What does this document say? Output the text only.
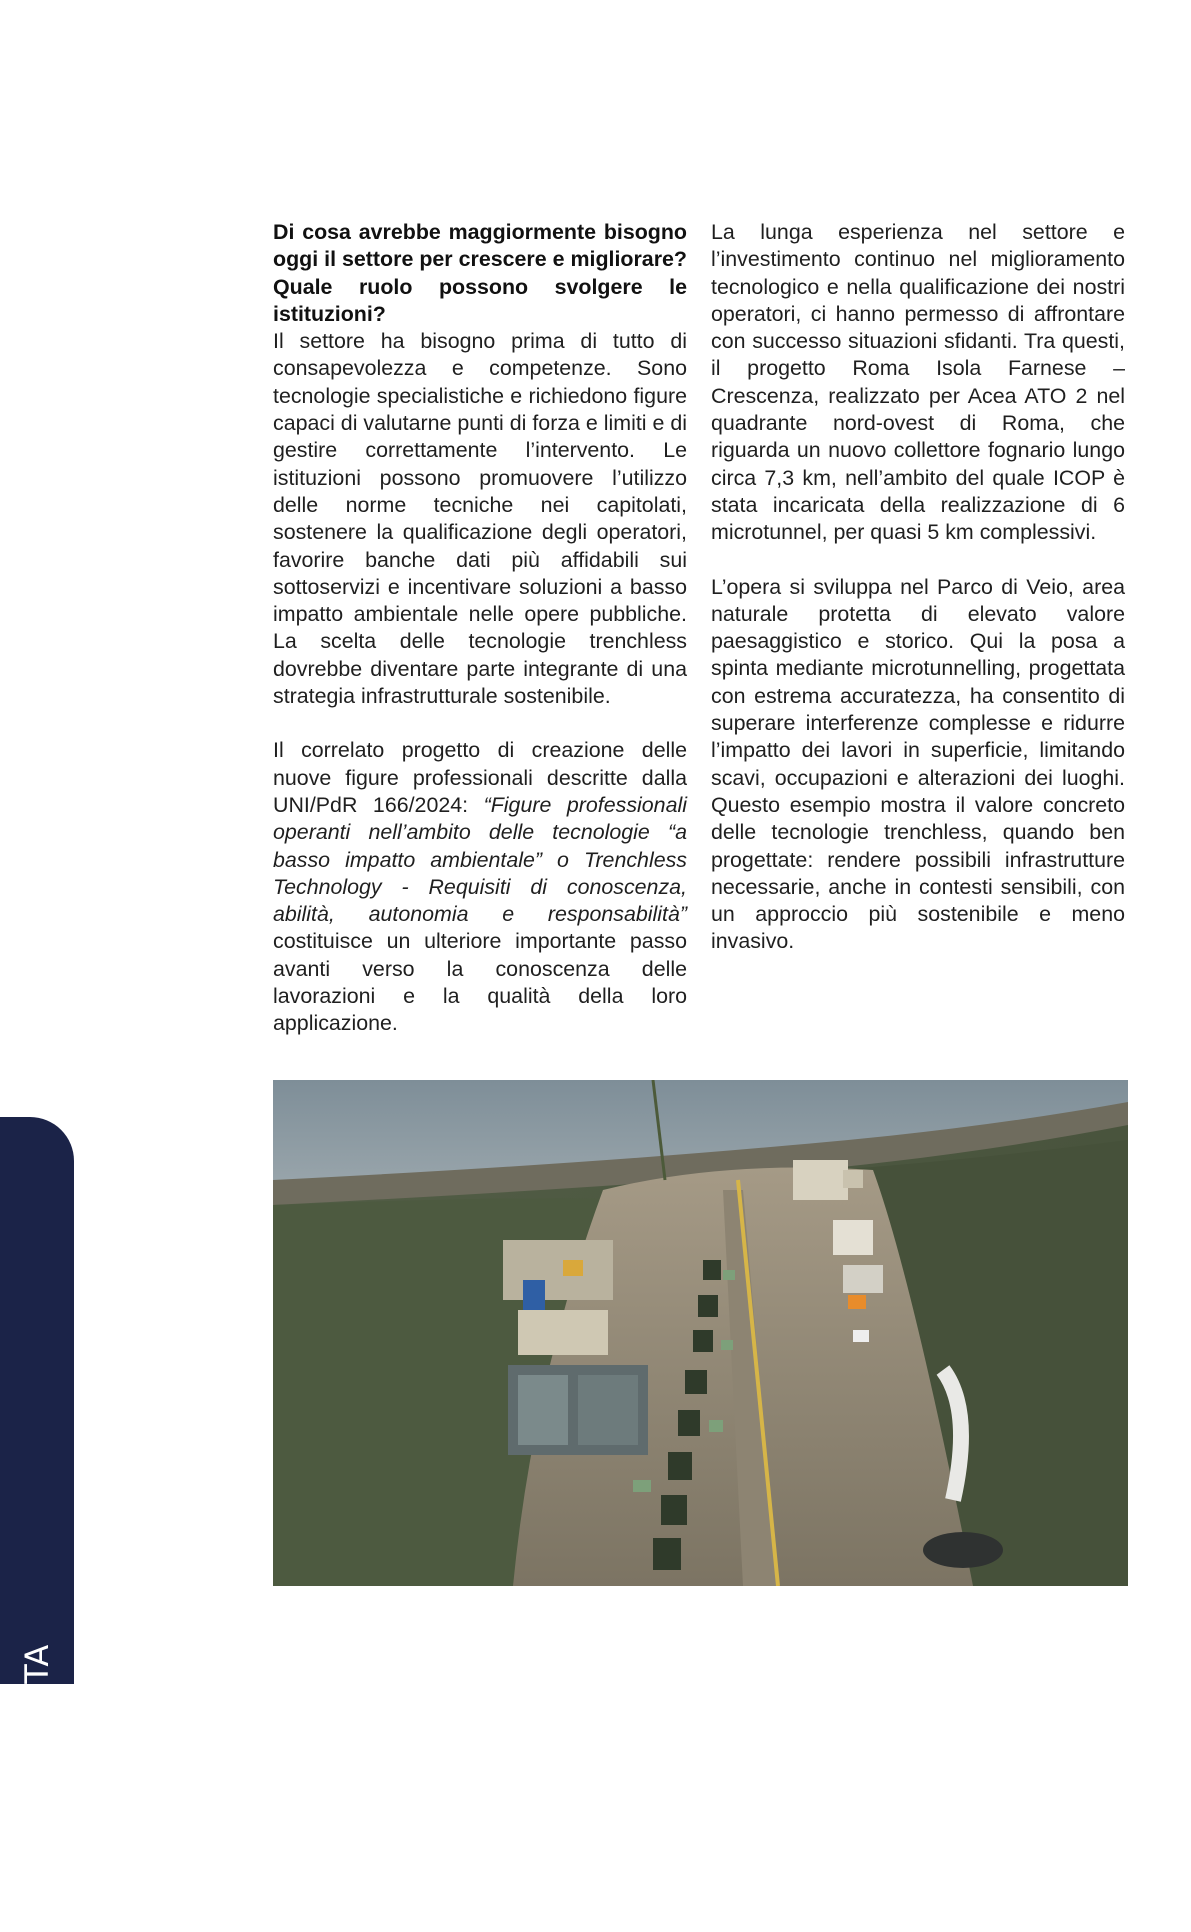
Di cosa avrebbe maggiormente bisogno oggi il settore per crescere e migliorare? Quale ruolo possono svolgere le istituzioni?
Il settore ha bisogno prima di tutto di consapevolezza e competenze. Sono tecnologie specialistiche e richiedono figure capaci di valutarne punti di forza e limiti e di gestire correttamente l’intervento. Le istituzioni possono promuovere l’utilizzo delle norme tecniche nei capitolati, sostenere la qualificazione degli operatori, favorire banche dati più affidabili sui sottoservizi e incentivare soluzioni a basso impatto ambientale nelle opere pubbliche. La scelta delle tecnologie trenchless dovrebbe diventare parte integrante di una strategia infrastrutturale sostenibile.

Il correlato progetto di creazione delle nuove figure professionali descritte dalla UNI/PdR 166/2024: “Figure professionali operanti nell’ambito delle tecnologie “a basso impatto ambientale” o Trenchless Technology - Requisiti di conoscenza, abilità, autonomia e responsabilità” costituisce un ulteriore importante passo avanti verso la conoscenza delle lavorazioni e la qualità della loro applicazione.

La lunga esperienza nel settore e l’investimento continuo nel miglioramento tecnologico e nella qualificazione dei nostri operatori, ci hanno permesso di affrontare con successo situazioni sfidanti. Tra questi, il progetto Roma Isola Farnese – Crescenza, realizzato per Acea ATO 2 nel quadrante nord-ovest di Roma, che riguarda un nuovo collettore fognario lungo circa 7,3 km, nell’ambito del quale ICOP è stata incaricata della realizzazione di 6 microtunnel, per quasi 5 km complessivi.

L’opera si sviluppa nel Parco di Veio, area naturale protetta di elevato valore paesaggistico e storico. Qui la posa a spinta mediante microtunnelling, progettata con estrema accuratezza, ha consentito di superare interferenze complesse e ridurre l’impatto dei lavori in superficie, limitando scavi, occupazioni e alterazioni dei luoghi. Questo esempio mostra il valore concreto delle tecnologie trenchless, quando ben progettate: rendere possibili infrastrutture necessarie, anche in contesti sensibili, con un approccio più sostenibile e meno invasivo.

14 . L’INTERVISTA
